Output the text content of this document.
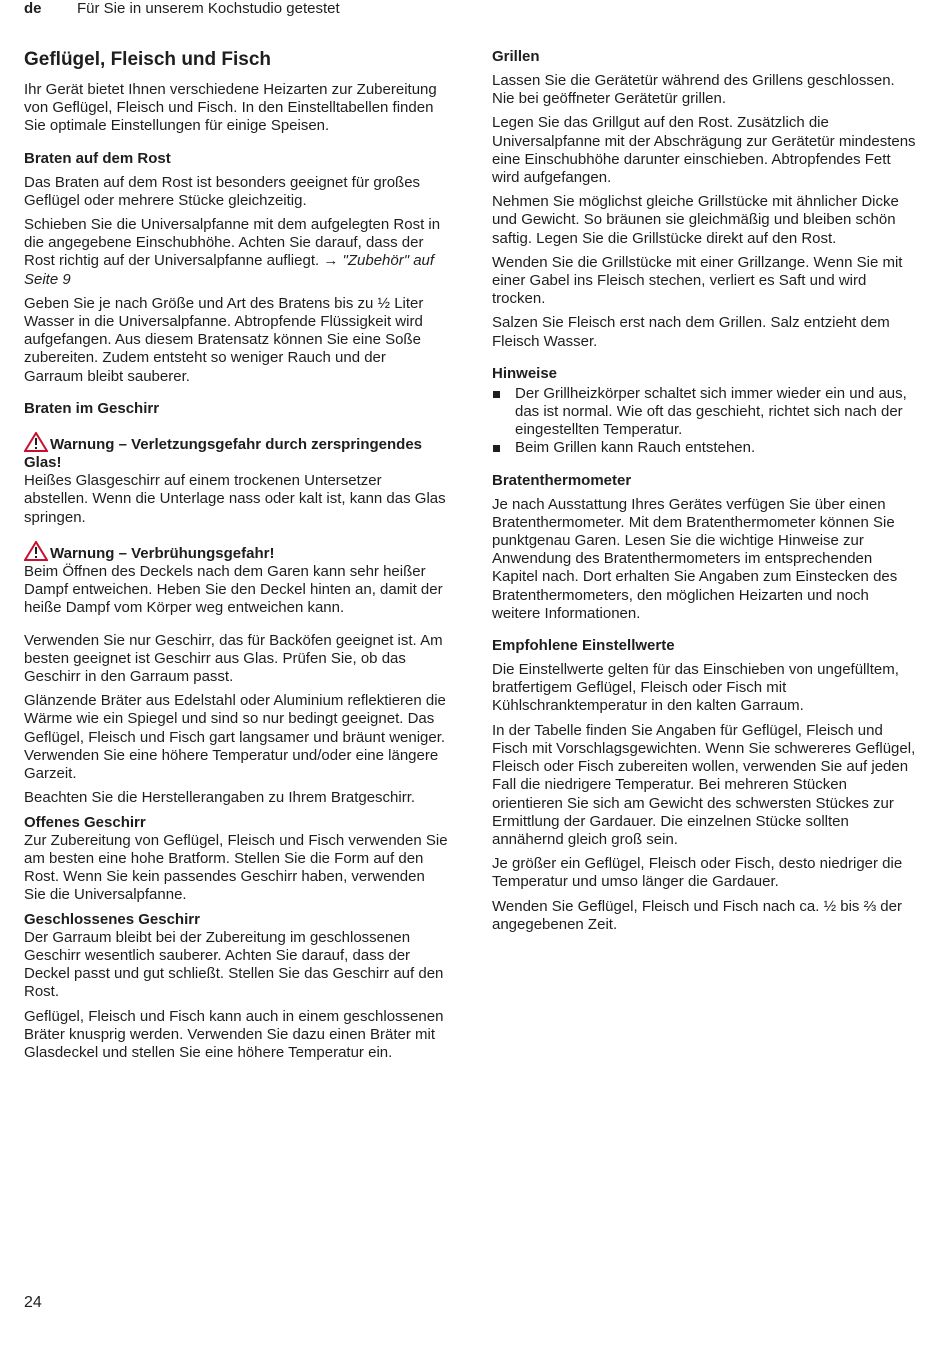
de Für Sie in unserem Kochstudio getestet
Geflügel, Fleisch und Fisch

Ihr Gerät bietet Ihnen verschiedene Heizarten zur Zubereitung von Geflügel, Fleisch und Fisch. In den Einstelltabellen finden Sie optimale Einstellungen für einige Speisen.

Braten auf dem Rost

Das Braten auf dem Rost ist besonders geeignet für großes Geflügel oder mehrere Stücke gleichzeitig.

Schieben Sie die Universalpfanne mit dem aufgelegten Rost in die angegebene Einschubhöhe. Achten Sie darauf, dass der Rost richtig auf der Universalpfanne aufliegt. → "Zubehör" auf Seite 9

Geben Sie je nach Größe und Art des Bratens bis zu ½ Liter Wasser in die Universalpfanne. Abtropfende Flüssigkeit wird aufgefangen. Aus diesem Bratensatz können Sie eine Soße zubereiten. Zudem entsteht so weniger Rauch und der Garraum bleibt sauberer.

Braten im Geschirr

Warnung – Verletzungsgefahr durch zerspringendes Glas!

Heißes Glasgeschirr auf einem trockenen Untersetzer abstellen. Wenn die Unterlage nass oder kalt ist, kann das Glas springen.

Warnung – Verbrühungsgefahr!

Beim Öffnen des Deckels nach dem Garen kann sehr heißer Dampf entweichen. Heben Sie den Deckel hinten an, damit der heiße Dampf vom Körper weg entweichen kann.

Verwenden Sie nur Geschirr, das für Backöfen geeignet ist. Am besten geeignet ist Geschirr aus Glas. Prüfen Sie, ob das Geschirr in den Garraum passt.

Glänzende Bräter aus Edelstahl oder Aluminium reflektieren die Wärme wie ein Spiegel und sind so nur bedingt geeignet. Das Geflügel, Fleisch und Fisch gart langsamer und bräunt weniger. Verwenden Sie eine höhere Temperatur und/oder eine längere Garzeit.

Beachten Sie die Herstellerangaben zu Ihrem Bratgeschirr.

Offenes Geschirr

Zur Zubereitung von Geflügel, Fleisch und Fisch verwenden Sie am besten eine hohe Bratform. Stellen Sie die Form auf den Rost. Wenn Sie kein passendes Geschirr haben, verwenden Sie die Universalpfanne.

Geschlossenes Geschirr

Der Garraum bleibt bei der Zubereitung im geschlossenen Geschirr wesentlich sauberer. Achten Sie darauf, dass der Deckel passt und gut schließt. Stellen Sie das Geschirr auf den Rost.

Geflügel, Fleisch und Fisch kann auch in einem geschlossenen Bräter knusprig werden. Verwenden Sie dazu einen Bräter mit Glasdeckel und stellen Sie eine höhere Temperatur ein.

Grillen

Lassen Sie die Gerätetür während des Grillens geschlossen. Nie bei geöffneter Gerätetür grillen.

Legen Sie das Grillgut auf den Rost. Zusätzlich die Universalpfanne mit der Abschrägung zur Gerätetür mindestens eine Einschubhöhe darunter einschieben. Abtropfendes Fett wird aufgefangen.

Nehmen Sie möglichst gleiche Grillstücke mit ähnlicher Dicke und Gewicht. So bräunen sie gleichmäßig und bleiben schön saftig. Legen Sie die Grillstücke direkt auf den Rost.

Wenden Sie die Grillstücke mit einer Grillzange. Wenn Sie mit einer Gabel ins Fleisch stechen, verliert es Saft und wird trocken.

Salzen Sie Fleisch erst nach dem Grillen. Salz entzieht dem Fleisch Wasser.

Hinweise
Der Grillheizkörper schaltet sich immer wieder ein und aus, das ist normal. Wie oft das geschieht, richtet sich nach der eingestellten Temperatur.
Beim Grillen kann Rauch entstehen.
Bratenthermometer

Je nach Ausstattung Ihres Gerätes verfügen Sie über einen Bratenthermometer. Mit dem Bratenthermometer können Sie punktgenau Garen. Lesen Sie die wichtige Hinweise zur Anwendung des Bratenthermometers im entsprechenden Kapitel nach. Dort erhalten Sie Angaben zum Einstecken des Bratenthermometers, den möglichen Heizarten und noch weitere Informationen.

Empfohlene Einstellwerte

Die Einstellwerte gelten für das Einschieben von ungefülltem, bratfertigem Geflügel, Fleisch oder Fisch mit Kühlschranktemperatur in den kalten Garraum.

In der Tabelle finden Sie Angaben für Geflügel, Fleisch und Fisch mit Vorschlagsgewichten. Wenn Sie schwereres Geflügel, Fleisch oder Fisch zubereiten wollen, verwenden Sie auf jeden Fall die niedrigere Temperatur. Bei mehreren Stücken orientieren Sie sich am Gewicht des schwersten Stückes zur Ermittlung der Gardauer. Die einzelnen Stücke sollten annähernd gleich groß sein.

Je größer ein Geflügel, Fleisch oder Fisch, desto niedriger die Temperatur und umso länger die Gardauer.

Wenden Sie Geflügel, Fleisch und Fisch nach ca. ½ bis ⅔ der angegebenen Zeit.

24
